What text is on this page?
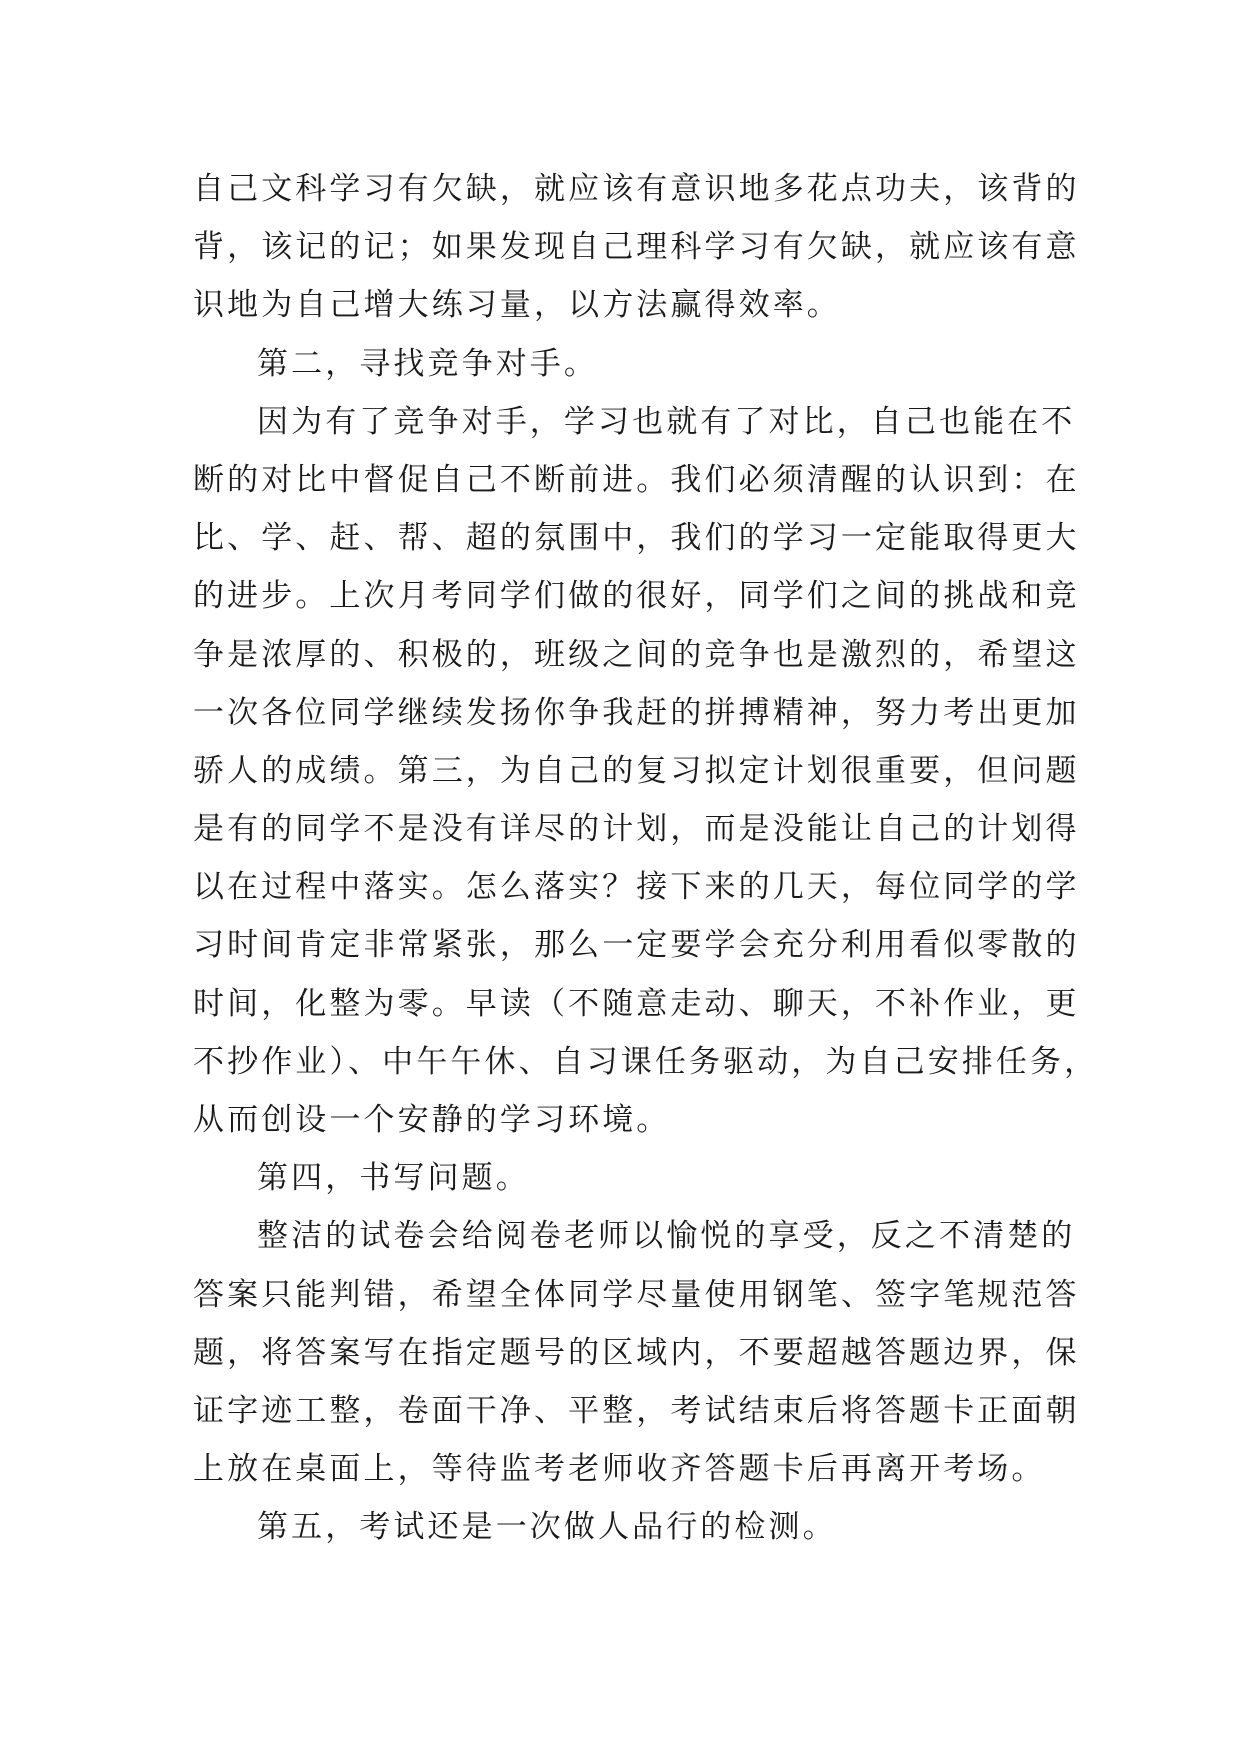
自己文科学习有欠缺，就应该有意识地多花点功夫，该背的
背，该记的记；如果发现自己理科学习有欠缺，就应该有意
识地为自己增大练习量，以方法赢得效率。
第二，寻找竞争对手。
因为有了竞争对手，学习也就有了对比，自己也能在不
断的对比中督促自己不断前进。我们必须清醒的认识到：在
比、学、赶、帮、超的氛围中，我们的学习一定能取得更大
的进步。上次月考同学们做的很好，同学们之间的挑战和竞
争是浓厚的、积极的，班级之间的竞争也是激烈的，希望这
一次各位同学继续发扬你争我赶的拼搏精神，努力考出更加
骄人的成绩。第三，为自己的复习拟定计划很重要，但问题
是有的同学不是没有详尽的计划，而是没能让自己的计划得
以在过程中落实。怎么落实？接下来的几天，每位同学的学
习时间肯定非常紧张，那么一定要学会充分利用看似零散的
时间，化整为零。早读（不随意走动、聊天，不补作业，更
不抄作业）、中午午休、自习课任务驱动，为自己安排任务，
从而创设一个安静的学习环境。
第四，书写问题。
整洁的试卷会给阅卷老师以愉悦的享受，反之不清楚的
答案只能判错，希望全体同学尽量使用钢笔、签字笔规范答
题，将答案写在指定题号的区域内，不要超越答题边界，保
证字迹工整，卷面干净、平整，考试结束后将答题卡正面朝
上放在桌面上，等待监考老师收齐答题卡后再离开考场。
第五，考试还是一次做人品行的检测。
